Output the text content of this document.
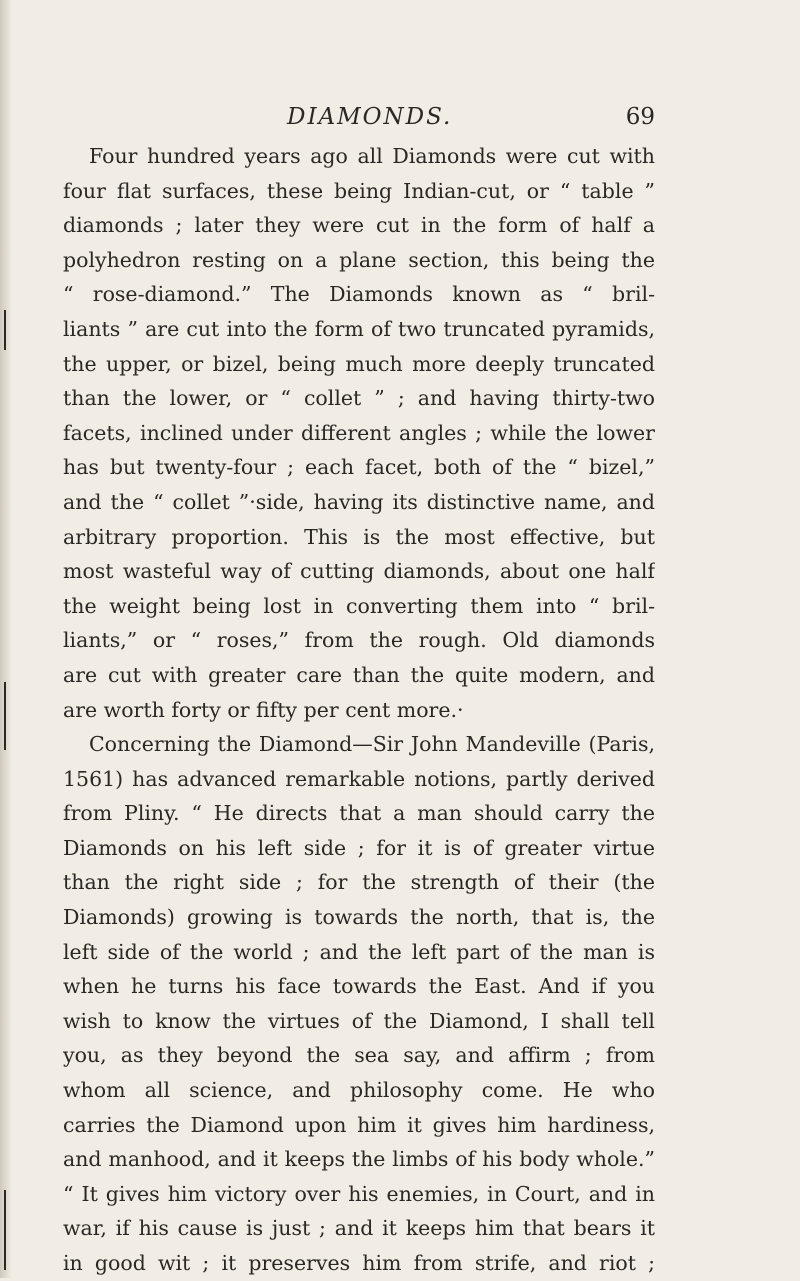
DIAMONDS.	69
Four hundred years ago all Diamonds were cut with
four flat surfaces, these being Indian-cut, or “ table ”
diamonds ; later they were cut in the form of half a
polyhedron resting on a plane section, this being the
“ rose-diamond.” The Diamonds known as “ bril-
liants ” are cut into the form of two truncated pyramids,
the upper, or bizel, being much more deeply truncated
than the lower, or “ collet ” ; and having thirty-two
facets, inclined under different angles ; while the lower
has but twenty-four ; each facet, both of the “ bizel,”
and the “ collet ”·side, having its distinctive name, and
arbitrary proportion. This is the most effective, but
most wasteful way of cutting diamonds, about one half
the weight being lost in converting them into “ bril-
liants,” or “ roses,” from the rough. Old diamonds
are cut with greater care than the quite modern, and
are worth forty or fifty per cent more.·
Concerning the Diamond—Sir John Mandeville (Paris,
1561) has advanced remarkable notions, partly derived
from Pliny. “ He directs that a man should carry the
Diamonds on his left side ; for it is of greater virtue
than the right side ; for the strength of their (the
Diamonds) growing is towards the north, that is, the
left side of the world ; and the left part of the man is
when he turns his face towards the East. And if you
wish to know the virtues of the Diamond, I shall tell
you, as they beyond the sea say, and affirm ; from
whom all science, and philosophy come. He who
carries the Diamond upon him it gives him hardiness,
and manhood, and it keeps the limbs of his body whole.”
“ It gives him victory over his enemies, in Court, and in
war, if his cause is just ; and it keeps him that bears it
in good wit ; it preserves him from strife, and riot ;
